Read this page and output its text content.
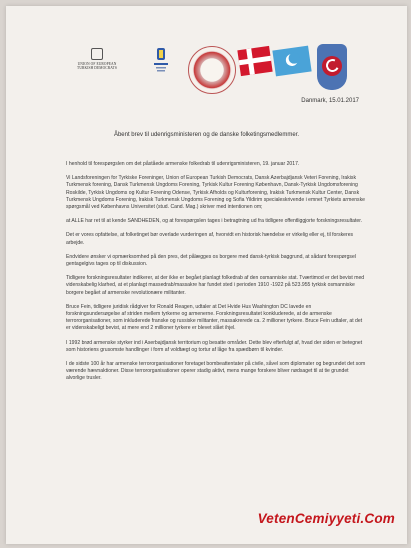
UNION OF EUROPEAN TURKISH DEMOCRATS
Danmark, 15.01.2017
Åbent brev til udenrigsministeren og de danske folketingsmedlemmer.

I henhold til forespørgslen om det påståede armenske folkedrab til udenrigsministeren, 19. januar 2017.

Vi Landsforeningen for Tyrkiske Foreninger, Union of European Turkish Democrats, Dansk Azerbajdjansk Veteri Forening, Irakisk Turkmensk forening, Dansk Turkmensk Ungdoms Forening, Tyrkisk Kultur Forening København, Dansk-Tyrkisk Ungdomsforening Roskilde, Tyrkisk Ungdoms og Kultur Forening Odense, Tyrkisk Afholds og Kulturforening, Irakisk Turkmensk Kultur Center, Dansk Turkmensk Ungdoms Forening, Irakisk Turkmensk Ungdoms Forening og Sofia Yildirim specialeskrivende i emnet Tyrkiets armenske spørgsmål ved Københavns Universitet (stud. Cand. Mag.) skriver med intentionen om;

at ALLE har ret til at kende SANDHEDEN, og at forespørgslen tages i betragtning ud fra tidligere offentliggjorte forskningsresultater.

Det er vores opfattelse, at folketinget bør overlade vurderingen af, hvorvidt en historisk hændelse er virkelig eller ej, til forskeres arbejde.

Endvidere ønsker vi opmærksomhed på den pres, det pålægges os borgere med dansk-tyrkisk baggrund, at sådant forespørgsel gentagelgivs tages op til diskussion.

Tidligere forskningsresultater indikerer, at der ikke er begået planlagt folkedrab af den osmanniske stat. Tværtimod er det bevist med videnskabelig klarhed, at et planlagt massedrab/massakre har fundet sted i perioden 1910 -1922 på 523.955 tyrkisk osmanniske borgere begået af armenske revolutionære militanter.

Bruce Fein, tidligere juridisk rådgiver for Ronald Reagen, udtaler at Det Hvide Hus Washington DC lavede en forskningsundersøgelse af striden mellem tyrkerne og armenerne. Forskningsresultatet konkluderede, at de armenske terrororganisationer, som inkluderede franske og russiske militanter, massakrerede ca. 2 millioner tyrkere. Bruce Fein udtaler, at det er videnskabeligt bevist, at mere end 2 millioner tyrkere er blevet slået ihjel.

I 1992 brød armenske styrker ind i Aserbajdjansk territorium og besatte områder. Dette blev efterfulgt af, hvad der siden er betegnet som historiens grusomste handlinger i form af voldtægt og tortur af låge fra spædbørn til kvinder.

I de sidste 100 år har armenske terrororganisationer foretaget bombeattentater på civile, såvel som diplomater og begrundet det som værende hævnaktioner. Disse terrororganisationer operer stadig aktivt, mens mange forskere bliver nødsaget til at tie grundet alvorlige trusler.

VetenCemiyyeti.Com
